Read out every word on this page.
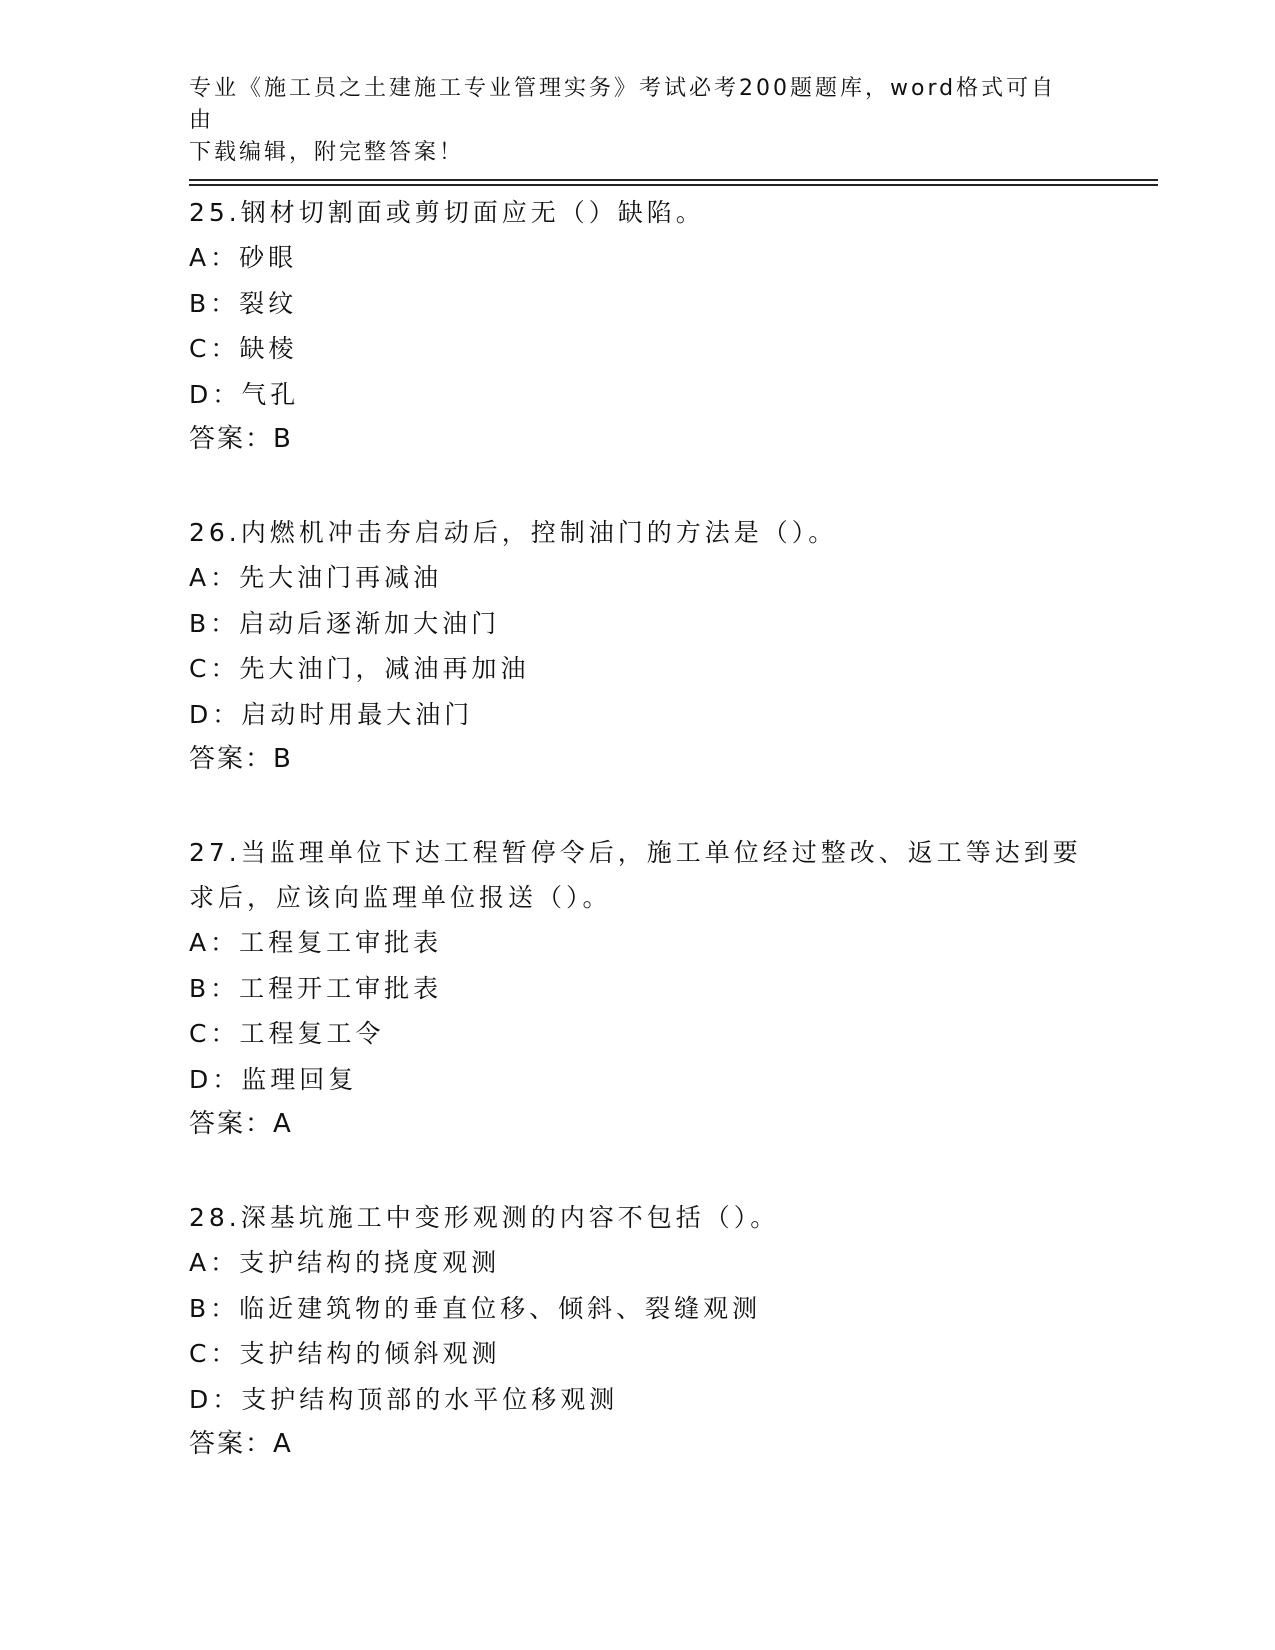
专业《施工员之土建施工专业管理实务》考试必考200题题库，word格式可自由
下载编辑，附完整答案！

25.钢材切割面或剪切面应无（）缺陷。

A：砂眼

B：裂纹

C：缺棱

D：气孔

答案：B

26.内燃机冲击夯启动后，控制油门的方法是（）。

A：先大油门再减油

B：启动后逐渐加大油门

C：先大油门，减油再加油

D：启动时用最大油门

答案：B

27.当监理单位下达工程暂停令后，施工单位经过整改、返工等达到要

求后，应该向监理单位报送（）。

A：工程复工审批表

B：工程开工审批表

C：工程复工令

D：监理回复

答案：A

28.深基坑施工中变形观测的内容不包括（）。

A：支护结构的挠度观测

B：临近建筑物的垂直位移、倾斜、裂缝观测

C：支护结构的倾斜观测

D：支护结构顶部的水平位移观测

答案：A
